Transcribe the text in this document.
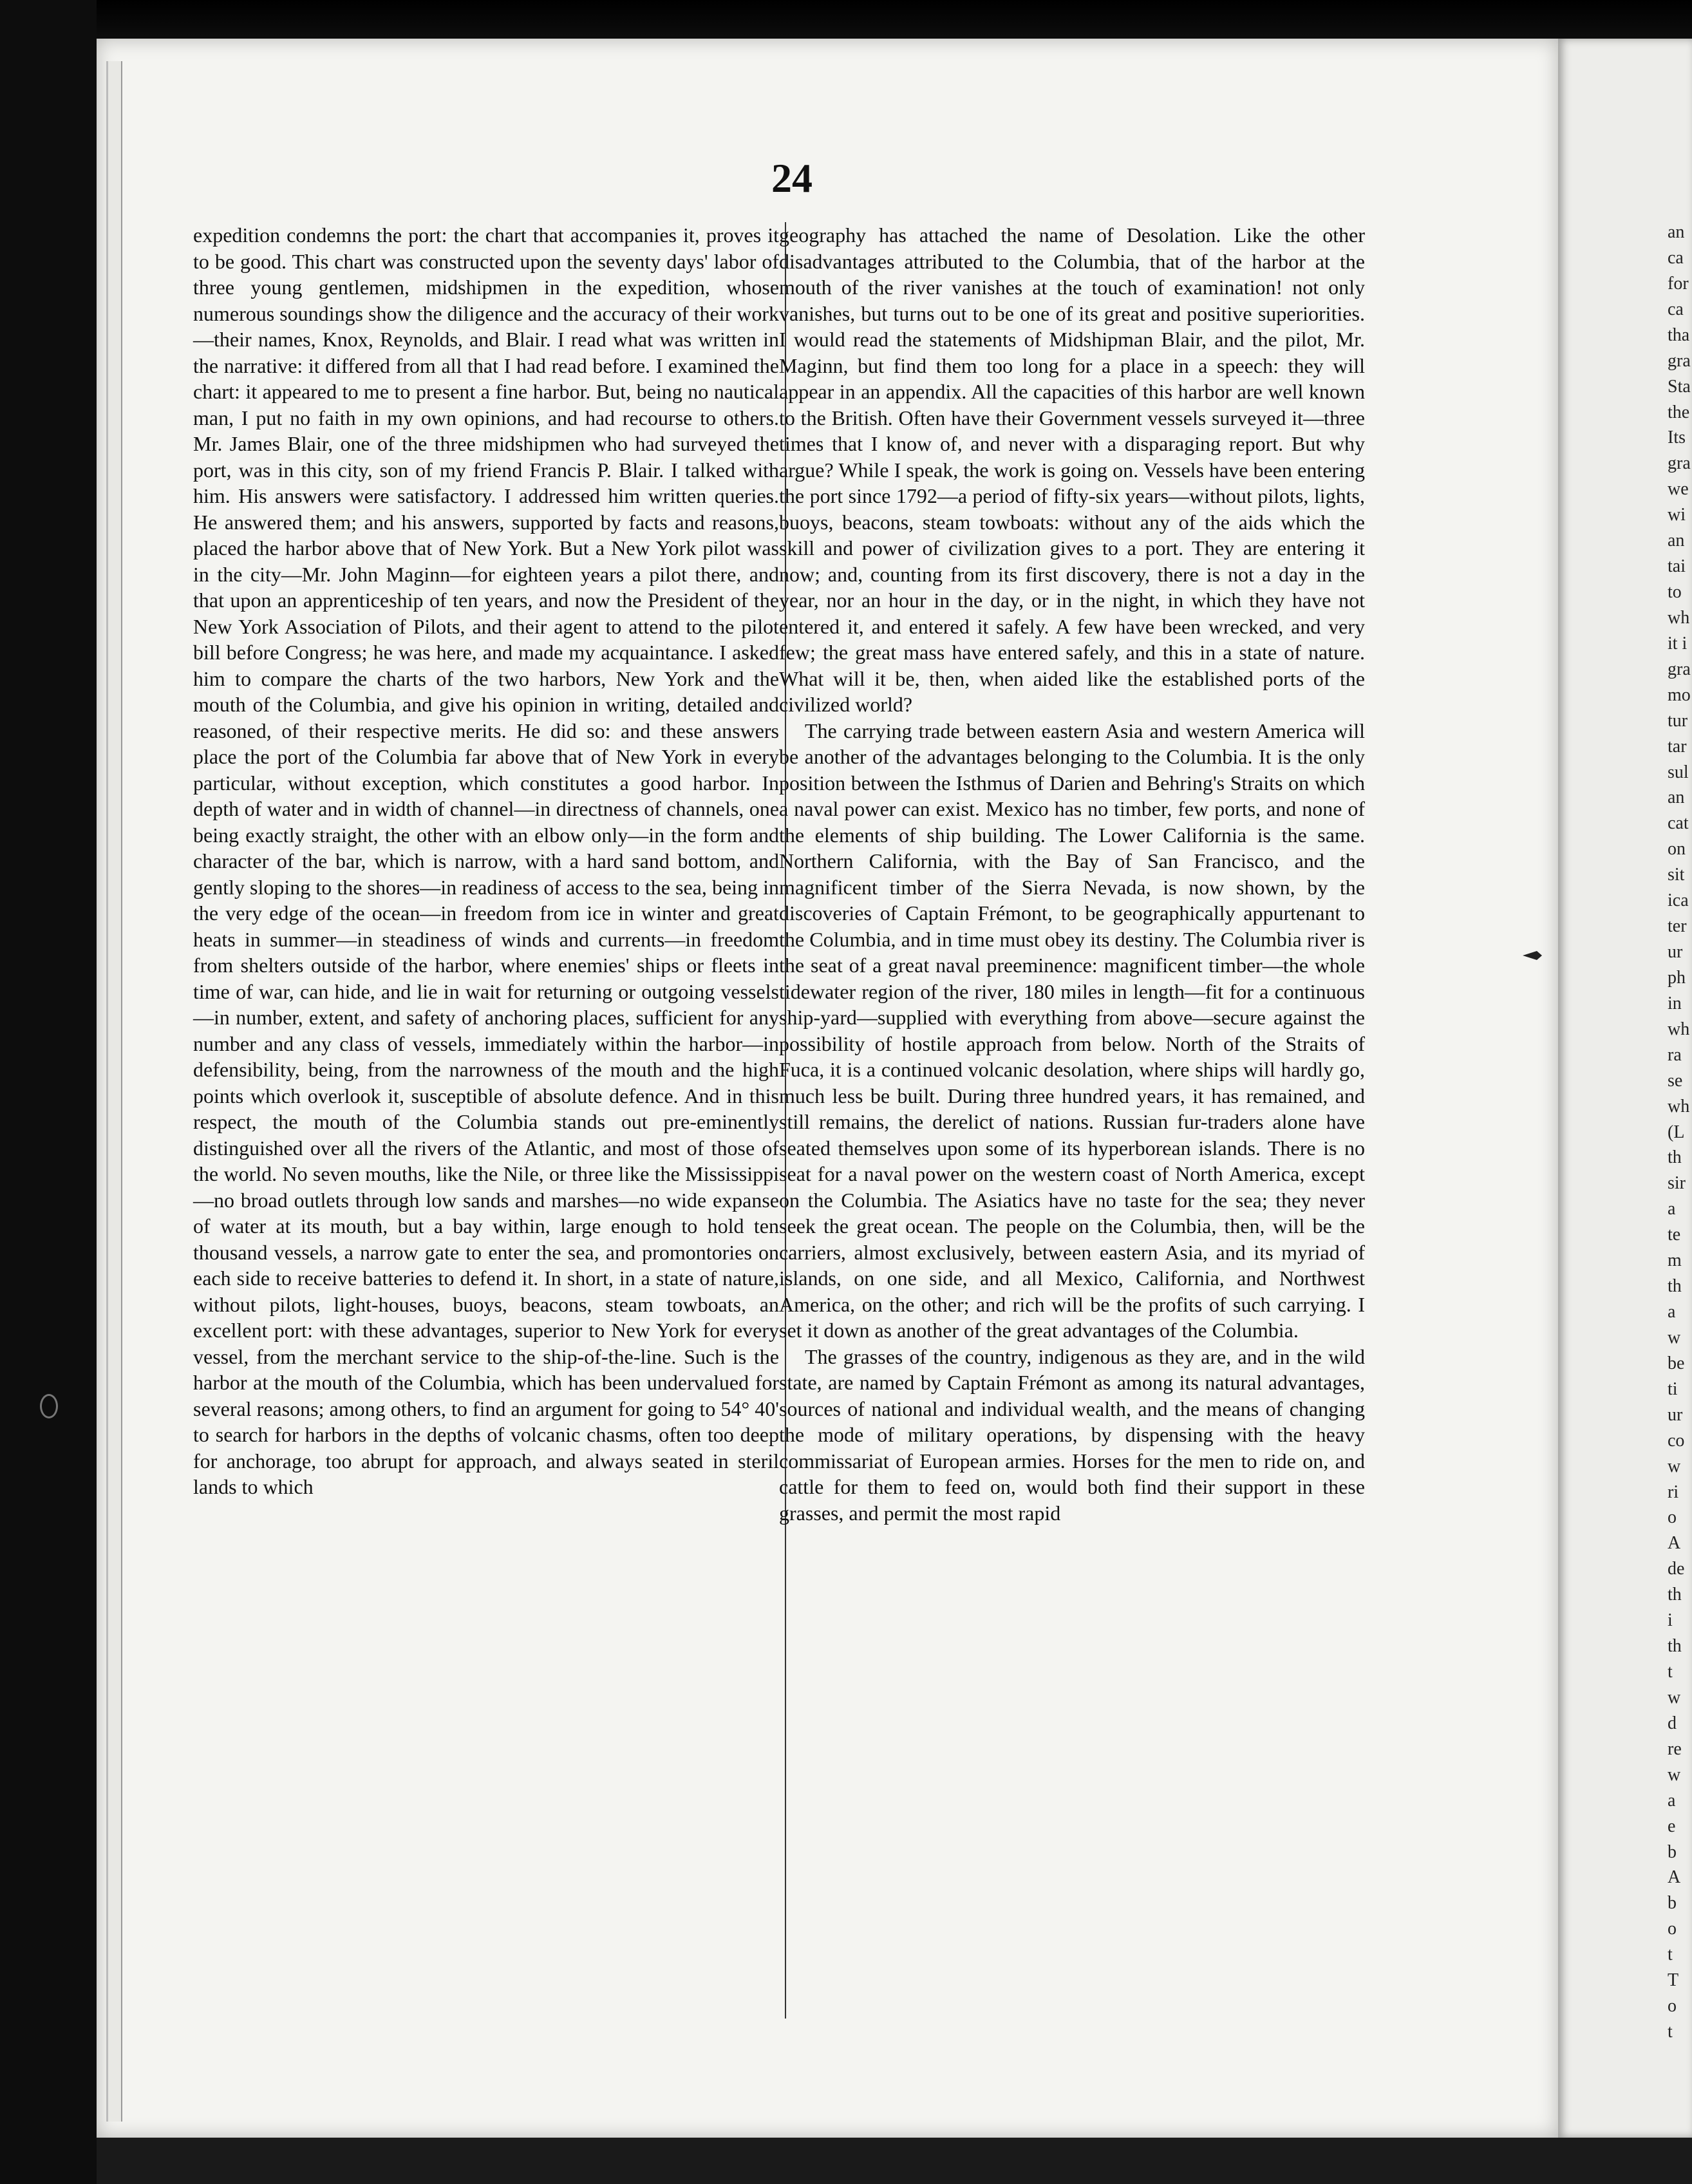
24

expedition condemns the port: the chart that accompanies it, proves it to be good. This chart was constructed upon the seventy days' labor of three young gentlemen, midshipmen in the expedition, whose numerous soundings show the diligence and the accuracy of their work—their names, Knox, Reynolds, and Blair. I read what was written in the narrative: it differed from all that I had read before. I examined the chart: it appeared to me to present a fine harbor. But, being no nautical man, I put no faith in my own opinions, and had recourse to others. Mr. James Blair, one of the three midshipmen who had surveyed the port, was in this city, son of my friend Francis P. Blair. I talked with him. His answers were satisfactory. I addressed him written queries. He answered them; and his answers, supported by facts and reasons, placed the harbor above that of New York. But a New York pilot was in the city—Mr. John Maginn—for eighteen years a pilot there, and that upon an apprenticeship of ten years, and now the President of the New York Association of Pilots, and their agent to attend to the pilot bill before Congress; he was here, and made my acquaintance. I asked him to compare the charts of the two harbors, New York and the mouth of the Columbia, and give his opinion in writing, detailed and reasoned, of their respective merits. He did so: and these answers place the port of the Columbia far above that of New York in every particular, without exception, which constitutes a good harbor. In depth of water and in width of channel—in directness of channels, one being exactly straight, the other with an elbow only—in the form and character of the bar, which is narrow, with a hard sand bottom, and gently sloping to the shores—in readiness of access to the sea, being in the very edge of the ocean—in freedom from ice in winter and great heats in summer—in steadiness of winds and currents—in freedom from shelters outside of the harbor, where enemies' ships or fleets in time of war, can hide, and lie in wait for returning or outgoing vessels—in number, extent, and safety of anchoring places, sufficient for any number and any class of vessels, immediately within the harbor—in defensibility, being, from the narrowness of the mouth and the high points which overlook it, susceptible of absolute defence. And in this respect, the mouth of the Columbia stands out pre-eminently distinguished over all the rivers of the Atlantic, and most of those of the world. No seven mouths, like the Nile, or three like the Mississippi—no broad outlets through low sands and marshes—no wide expanse of water at its mouth, but a bay within, large enough to hold ten thousand vessels, a narrow gate to enter the sea, and promontories on each side to receive batteries to defend it. In short, in a state of nature, without pilots, light-houses, buoys, beacons, steam towboats, an excellent port: with these advantages, superior to New York for every vessel, from the merchant service to the ship-of-the-line. Such is the harbor at the mouth of the Columbia, which has been undervalued for several reasons; among others, to find an argument for going to 54° 40' to search for harbors in the depths of volcanic chasms, often too deep for anchorage, too abrupt for approach, and always seated in steril lands to which

geography has attached the name of Desolation. Like the other disadvantages attributed to the Columbia, that of the harbor at the mouth of the river vanishes at the touch of examination! not only vanishes, but turns out to be one of its great and positive superiorities. I would read the statements of Midshipman Blair, and the pilot, Mr. Maginn, but find them too long for a place in a speech: they will appear in an appendix. All the capacities of this harbor are well known to the British. Often have their Government vessels surveyed it—three times that I know of, and never with a disparaging report. But why argue? While I speak, the work is going on. Vessels have been entering the port since 1792—a period of fifty-six years—without pilots, lights, buoys, beacons, steam towboats: without any of the aids which the skill and power of civilization gives to a port. They are entering it now; and, counting from its first discovery, there is not a day in the year, nor an hour in the day, or in the night, in which they have not entered it, and entered it safely. A few have been wrecked, and very few; the great mass have entered safely, and this in a state of nature. What will it be, then, when aided like the established ports of the civilized world?

The carrying trade between eastern Asia and western America will be another of the advantages belonging to the Columbia. It is the only position between the Isthmus of Darien and Behring's Straits on which a naval power can exist. Mexico has no timber, few ports, and none of the elements of ship building. The Lower California is the same. Northern California, with the Bay of San Francisco, and the magnificent timber of the Sierra Nevada, is now shown, by the discoveries of Captain Frémont, to be geographically appurtenant to the Columbia, and in time must obey its destiny. The Columbia river is the seat of a great naval preeminence: magnificent timber—the whole tidewater region of the river, 180 miles in length—fit for a continuous ship-yard—supplied with everything from above—secure against the possibility of hostile approach from below. North of the Straits of Fuca, it is a continued volcanic desolation, where ships will hardly go, much less be built. During three hundred years, it has remained, and still remains, the derelict of nations. Russian fur-traders alone have seated themselves upon some of its hyperborean islands. There is no seat for a naval power on the western coast of North America, except on the Columbia. The Asiatics have no taste for the sea; they never seek the great ocean. The people on the Columbia, then, will be the carriers, almost exclusively, between eastern Asia, and its myriad of islands, on one side, and all Mexico, California, and Northwest America, on the other; and rich will be the profits of such carrying. I set it down as another of the great advantages of the Columbia.

The grasses of the country, indigenous as they are, and in the wild state, are named by Captain Frémont as among its natural advantages, sources of national and individual wealth, and the means of changing the mode of military operations, by dispensing with the heavy commissariat of European armies. Horses for the men to ride on, and cattle for them to feed on, would both find their support in these grasses, and permit the most rapid

an
ca
for
ca
tha
gra
Sta
the
Its
gra
we
wi
an
tai
to
wh
it i
gra
mo
tur
tar
sul
an
cat
on
sit
ica
ter
ur
ph
in
wh
ra
se
wh
(L
th
sir
a
te
m
th
a
w
be
ti
ur
co
w
ri
o
A
de
th
i
th
t
w
d
re
w
a
e
b
A
b
o
t
T
o
t
